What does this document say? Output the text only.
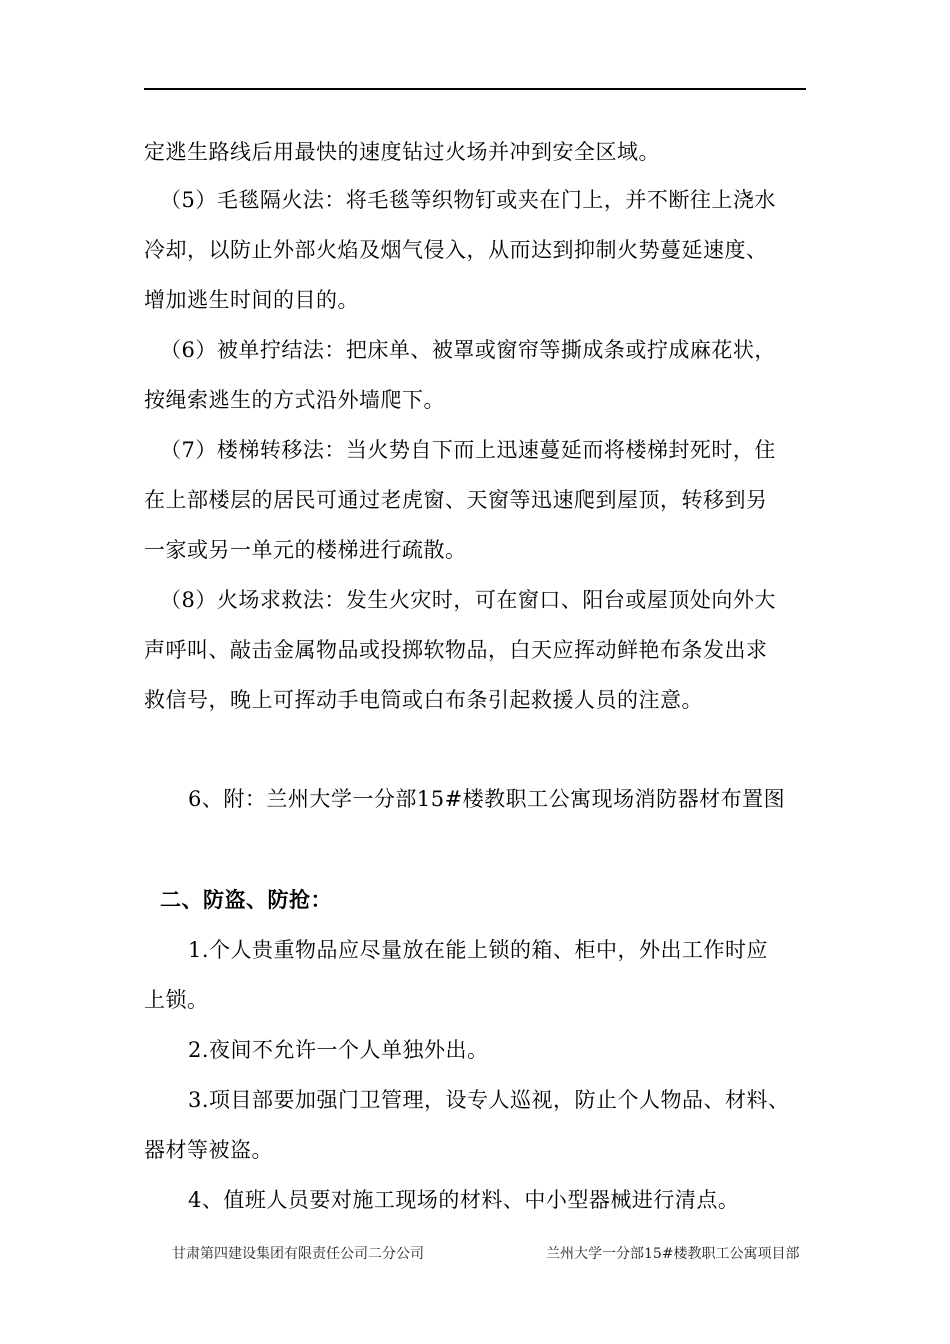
定逃生路线后用最快的速度钻过火场并冲到安全区域。
（5）毛毯隔火法：将毛毯等织物钉或夹在门上，并不断往上浇水
冷却，以防止外部火焰及烟气侵入，从而达到抑制火势蔓延速度、
增加逃生时间的目的。
（6）被单拧结法：把床单、被罩或窗帘等撕成条或拧成麻花状，
按绳索逃生的方式沿外墙爬下。
（7）楼梯转移法：当火势自下而上迅速蔓延而将楼梯封死时，住
在上部楼层的居民可通过老虎窗、天窗等迅速爬到屋顶，转移到另
一家或另一单元的楼梯进行疏散。
（8）火场求救法：发生火灾时，可在窗口、阳台或屋顶处向外大
声呼叫、敲击金属物品或投掷软物品，白天应挥动鲜艳布条发出求
救信号，晚上可挥动手电筒或白布条引起救援人员的注意。
6、附：兰州大学一分部15#楼教职工公寓现场消防器材布置图
二、防盗、防抢：
1.个人贵重物品应尽量放在能上锁的箱、柜中，外出工作时应
上锁。
2.夜间不允许一个人单独外出。
3.项目部要加强门卫管理，设专人巡视，防止个人物品、材料、
器材等被盗。
4、值班人员要对施工现场的材料、中小型器械进行清点。
甘肃第四建设集团有限责任公司二分公司	兰州大学一分部15#楼教职工公寓项目部
